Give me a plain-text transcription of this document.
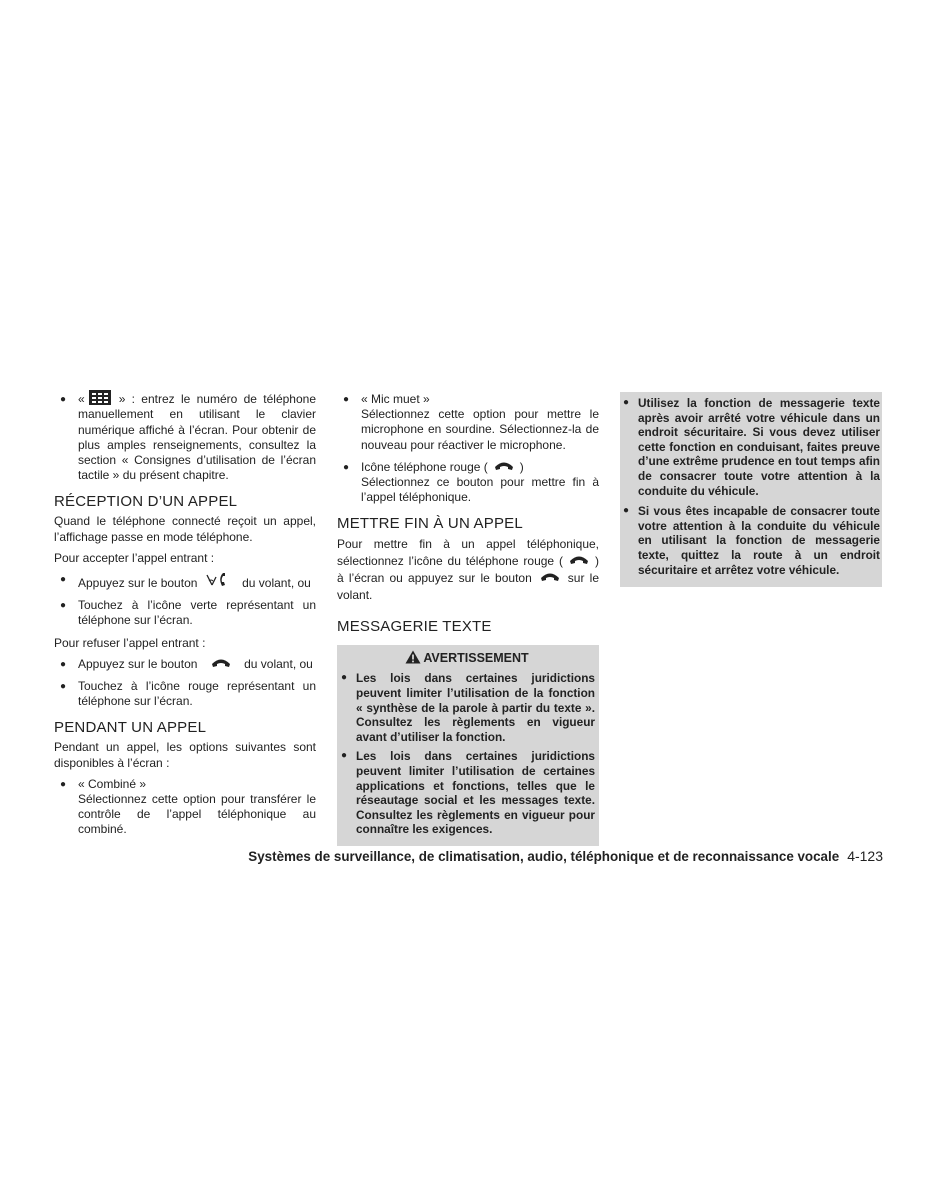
● «	» : entrez le numéro de téléphone manuellement en utilisant le clavier numérique affiché à l’écran. Pour obtenir de plus amples renseignements, consultez la section « Consignes d’utilisation de l’écran tactile » du présent chapitre.
RÉCEPTION D’UN APPEL

Quand le téléphone connecté reçoit un appel, l’affichage passe en mode téléphone.

Pour accepter l’appel entrant :

● Appuyez sur le bouton	du volant, ou
● Touchez à l’icône verte représentant un téléphone sur l’écran.

Pour refuser l’appel entrant :

● Appuyez sur le bouton	du volant, ou
● Touchez à l’icône rouge représentant un téléphone sur l’écran.
PENDANT UN APPEL

Pendant un appel, les options suivantes sont disponibles à l’écran :

● « Combiné »
Sélectionnez cette option pour transférer le contrôle de l’appel téléphonique au combiné.
● « Mic muet »
Sélectionnez cette option pour mettre le microphone en sourdine. Sélectionnez-la de nouveau pour réactiver le microphone.
● Icône téléphone rouge (	)
Sélectionnez ce bouton pour mettre fin à l’appel téléphonique.
METTRE FIN À UN APPEL

Pour mettre fin à un appel téléphonique, sélectionnez l’icône du téléphone rouge (	) à l’écran ou appuyez sur le bouton	sur le volant.

MESSAGERIE TEXTE
AVERTISSEMENT
● Les lois dans certaines juridictions peuvent limiter l’utilisation de la fonction « synthèse de la parole à partir du texte ». Consultez les règlements en vigueur avant d’utiliser la fonction.
● Les lois dans certaines juridictions peuvent limiter l’utilisation de certaines applications et fonctions, telles que le réseautage social et les messages texte. Consultez les règlements en vigueur pour connaître les exigences.
● Utilisez la fonction de messagerie texte après avoir arrêté votre véhicule dans un endroit sécuritaire. Si vous devez utiliser cette fonction en conduisant, faites preuve d’une extrême prudence en tout temps afin de consacrer toute votre attention à la conduite du véhicule.
● Si vous êtes incapable de consacrer toute votre attention à la conduite du véhicule en utilisant la fonction de messagerie texte, quittez la route à un endroit sécuritaire et arrêtez votre véhicule.
Systèmes de surveillance, de climatisation, audio, téléphonique et de reconnaissance vocale 4-123
